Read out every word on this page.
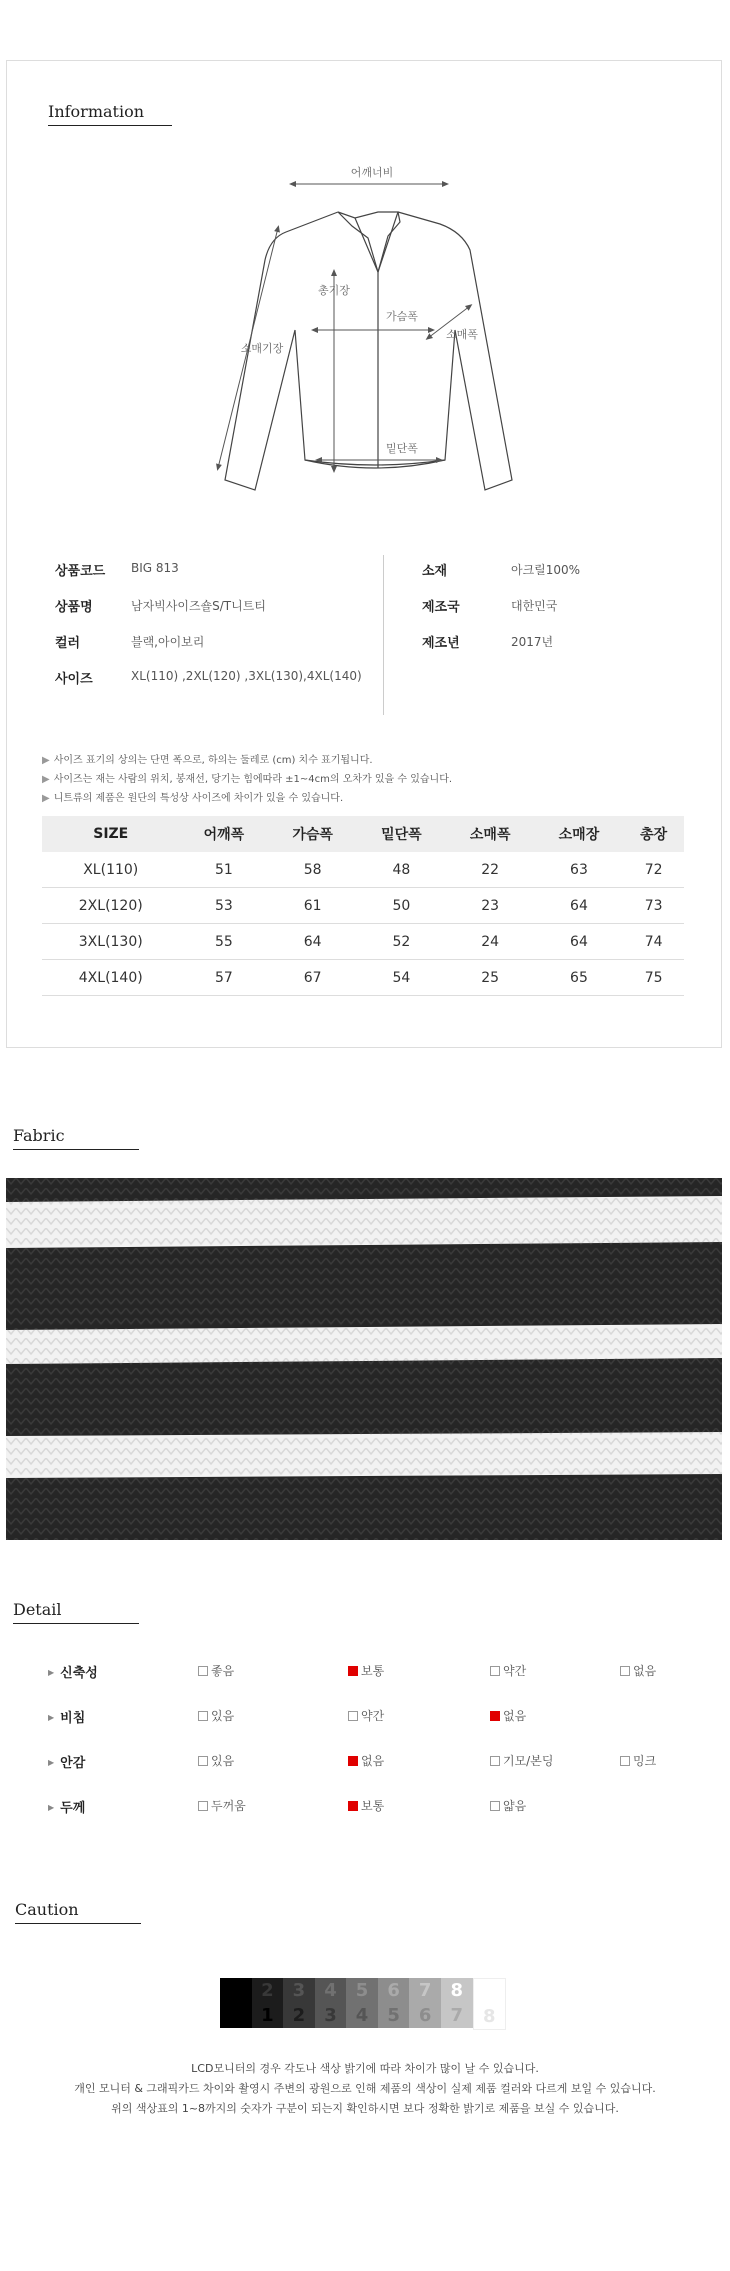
Information
어깨너비
총기장
가슴폭
소매기장
소매폭
밑단폭
상품코드 BIG 813
상품명	남자빅사이즈숄S/T니트티
컬러	블랙,아이보리
사이즈	XL(110) ,2XL(120) ,3XL(130),4XL(140)
소재	아크릴100%
제조국	대한민국
제조년	2017년
▶ 사이즈 표기의 상의는 단면 폭으로, 하의는 둘레로 (cm) 치수 표기됩니다.
▶ 사이즈는 재는 사람의 위치, 봉재선, 당기는 힘에따라 ±1~4cm의 오차가 있을 수 있습니다.
▶ 니트류의 제품은 원단의 특성상 사이즈에 차이가 있을 수 있습니다.
SIZE	어깨폭	가슴폭	밑단폭	소매폭	소매장	총장
XL(110)	51	58	48	22	63	72
2XL(120)	53	61	50	23	64	73
3XL(130)	55	64	52	24	64	74
4XL(140)	57	67	54	25	65	75
Fabric
Detail
▶ 신축성	좋음	보통	약간	없음
▶ 비침	있음	약간	없음
▶ 안감	있음	없음	기모/본딩	밍크
▶ 두께	두꺼움	보통	얇음
Caution
2
1
3
2
4
3
5
4
6
5
7
6
8
7	8
LCD모니터의 경우 각도나 색상 밝기에 따라 차이가 많이 날 수 있습니다.
개인 모니터 & 그래픽카드 차이와 촬영시 주변의 광원으로 인해 제품의 색상이 실제 제품 컬러와 다르게 보일 수 있습니다.
위의 색상표의 1~8까지의 숫자가 구분이 되는지 확인하시면 보다 정확한 밝기로 제품을 보실 수 있습니다.
